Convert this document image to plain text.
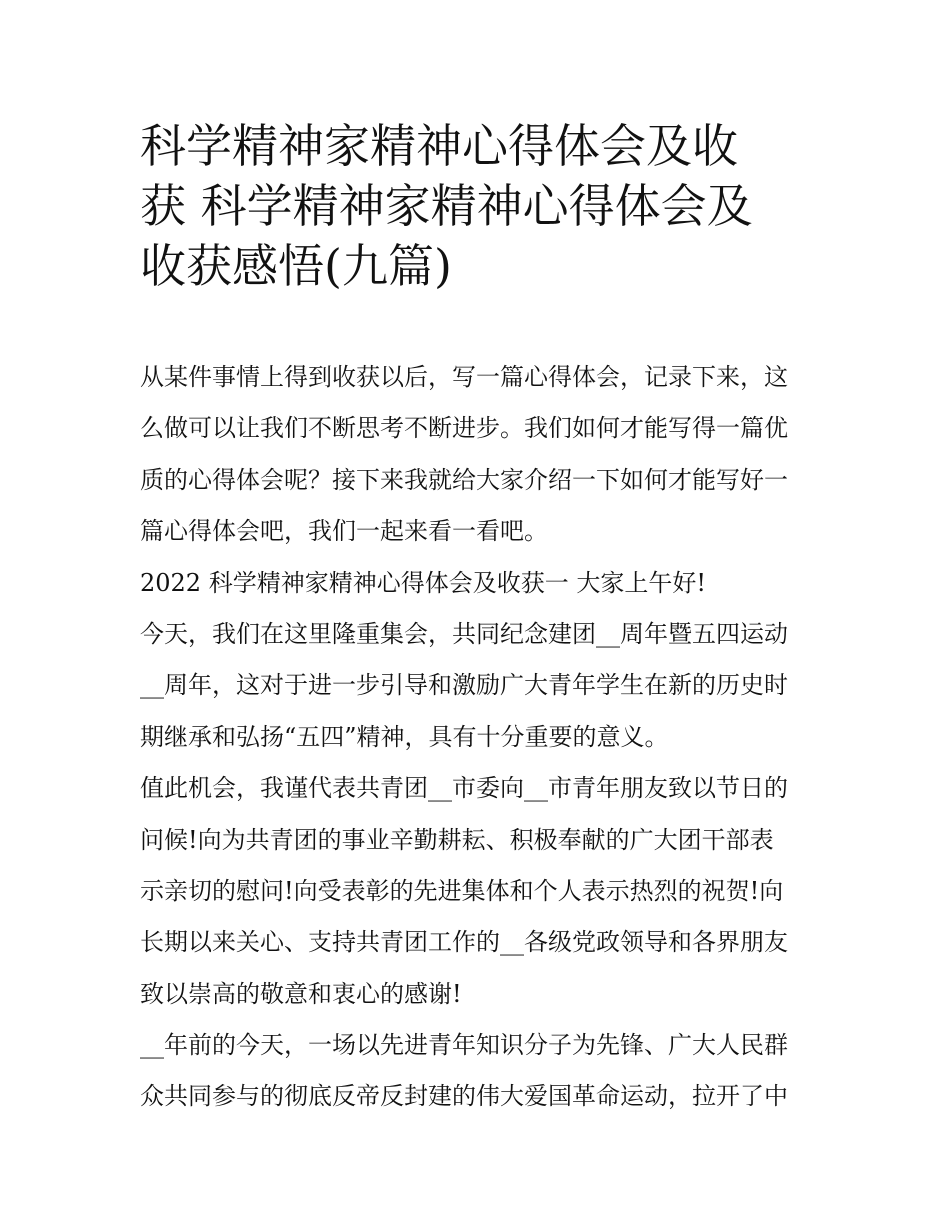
科学精神家精神心得体会及收
获 科学精神家精神心得体会及
收获感悟(九篇)

从某件事情上得到收获以后，写一篇心得体会，记录下来，这
么做可以让我们不断思考不断进步。我们如何才能写得一篇优
质的心得体会呢？接下来我就给大家介绍一下如何才能写好一
篇心得体会吧，我们一起来看一看吧。

2022 科学精神家精神心得体会及收获一 大家上午好!

今天，我们在这里隆重集会，共同纪念建团__周年暨五四运动
__周年，这对于进一步引导和激励广大青年学生在新的历史时
期继承和弘扬“五四”精神，具有十分重要的意义。

值此机会，我谨代表共青团__市委向__市青年朋友致以节日的
问候!向为共青团的事业辛勤耕耘、积极奉献的广大团干部表
示亲切的慰问!向受表彰的先进集体和个人表示热烈的祝贺!向
长期以来关心、支持共青团工作的__各级党政领导和各界朋友
致以崇高的敬意和衷心的感谢!

__年前的今天，一场以先进青年知识分子为先锋、广大人民群
众共同参与的彻底反帝反封建的伟大爱国革命运动，拉开了中
